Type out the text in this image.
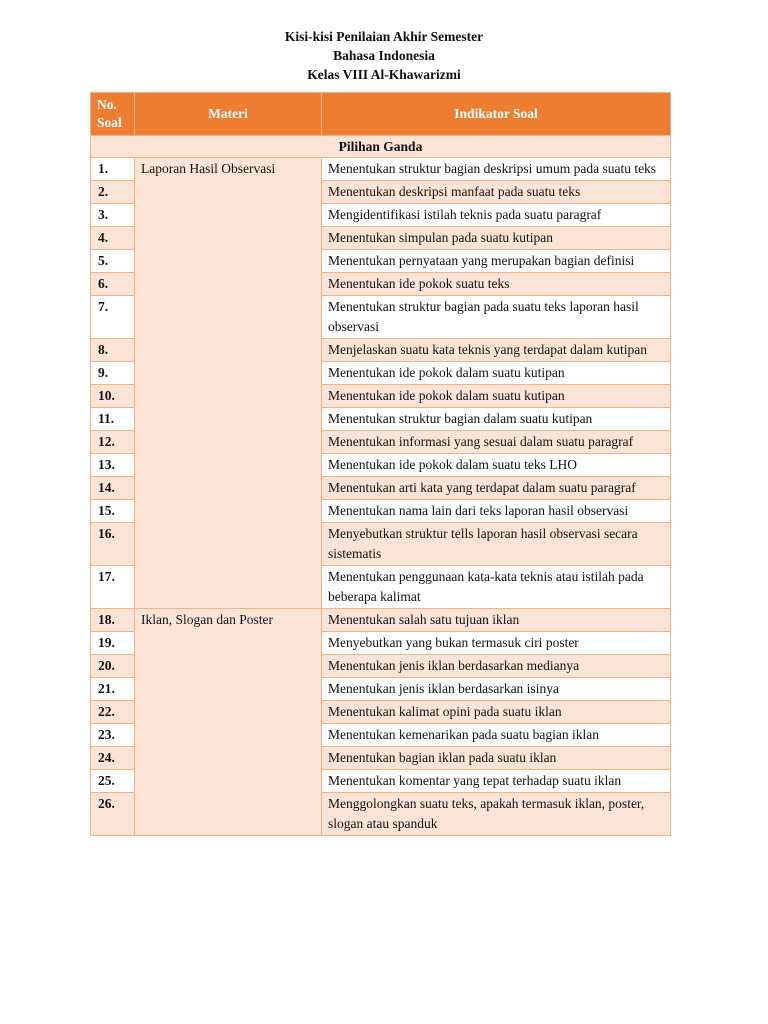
Kisi-kisi Penilaian Akhir Semester
Bahasa Indonesia
Kelas VIII Al-Khawarizmi
No.
Soal	Materi	Indikator Soal
Pilihan Ganda		
1.	Laporan Hasil Observasi	Menentukan struktur bagian deskripsi umum pada suatu teks
2.		Menentukan deskripsi manfaat pada suatu teks
3.		Mengidentifikasi istilah teknis pada suatu paragraf
4.		Menentukan simpulan pada suatu kutipan
5.		Menentukan pernyataan yang merupakan bagian definisi
6.		Menentukan ide pokok suatu teks
7.		Menentukan struktur bagian pada suatu teks laporan hasil observasi
8.		Menjelaskan suatu kata teknis yang terdapat dalam kutipan
9.		Menentukan ide pokok dalam suatu kutipan
10.		Menentukan ide pokok dalam suatu kutipan
11.		Menentukan struktur bagian dalam suatu kutipan
12.		Menentukan informasi yang sesuai dalam suatu paragraf
13.		Menentukan ide pokok dalam suatu teks LHO
14.		Menentukan arti kata yang terdapat dalam suatu paragraf
15.		Menentukan nama lain dari teks laporan hasil observasi
16.		Menyebutkan struktur tells laporan hasil observasi secara sistematis
17.		Menentukan penggunaan kata-kata teknis atau istilah pada beberapa kalimat
18.	Iklan, Slogan dan Poster	Menentukan salah satu tujuan iklan
19.		Menyebutkan yang bukan termasuk ciri poster
20.		Menentukan jenis iklan berdasarkan medianya
21.		Menentukan jenis iklan berdasarkan isinya
22.		Menentukan kalimat opini pada suatu iklan
23.		Menentukan kemenarikan pada suatu bagian iklan
24.		Menentukan bagian iklan pada suatu iklan
25.		Menentukan komentar yang tepat terhadap suatu iklan
26.		Menggolongkan suatu teks, apakah termasuk iklan, poster, slogan atau spanduk
